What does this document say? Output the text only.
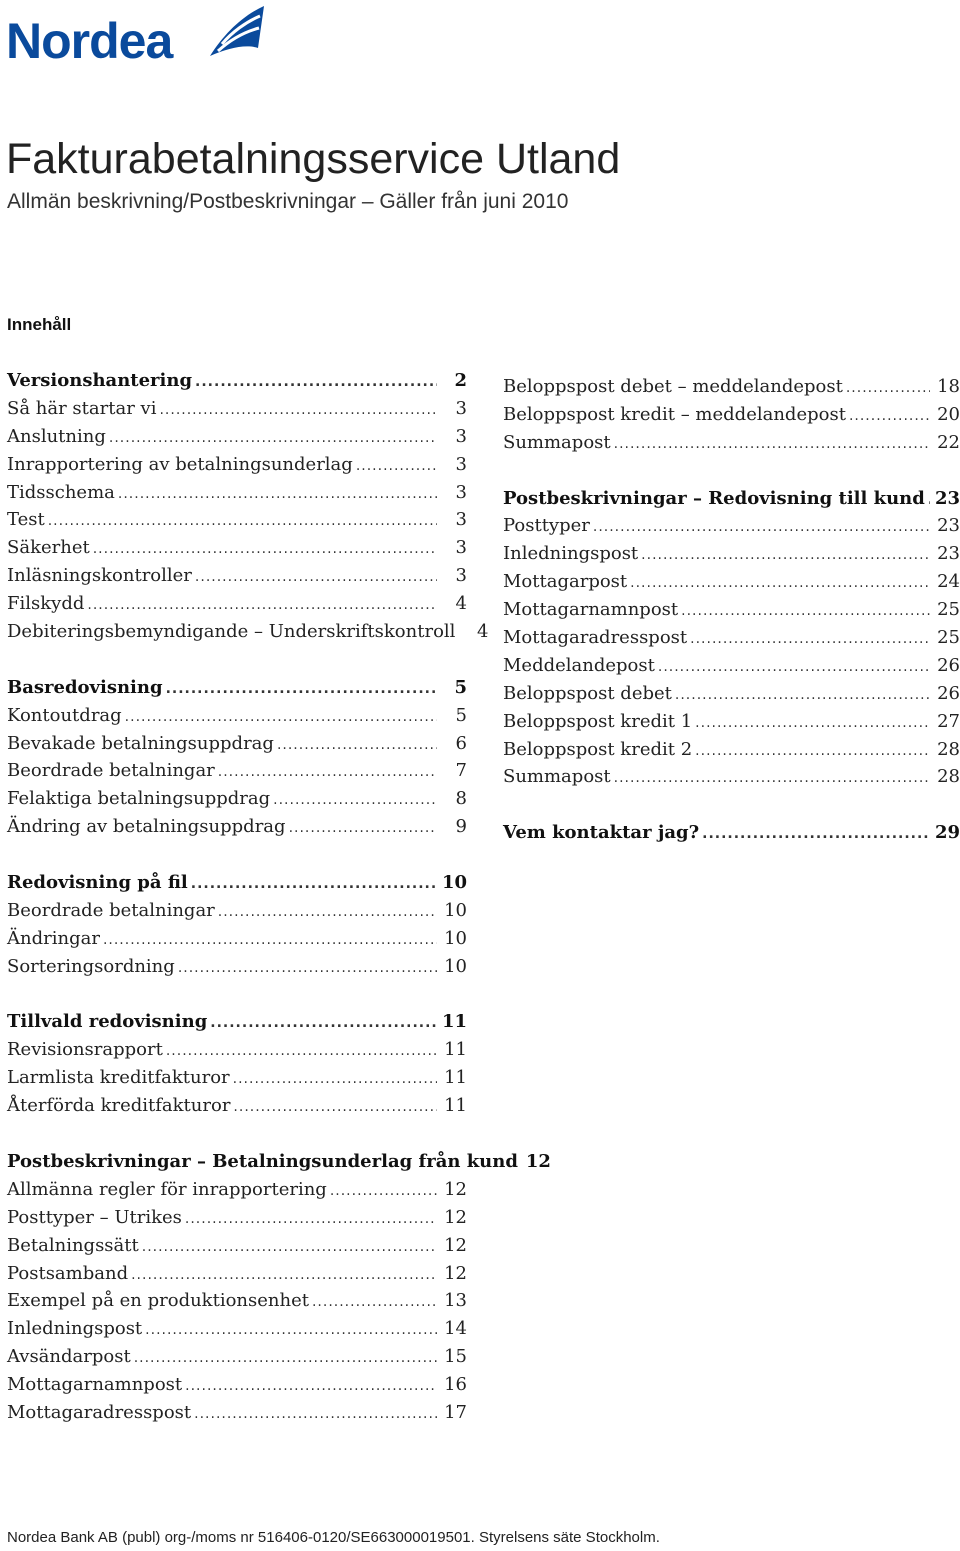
Nordea
Fakturabetalningsservice Utland
Allmän beskrivning/Postbeskrivningar – Gäller från juni 2010
Innehåll
Versionshantering .....	2
Så här startar vi .....	3
Anslutning .....	3
Inrapportering av betalningsunderlag .....	3
Tidsschema .....	3
Test .....	3
Säkerhet .....	3
Inläsningskontroller .....	3
Filskydd .....	4
Debiteringsbemyndigande – Underskriftskontroll	4
Basredovisning .....	5
Kontoutdrag .....	5
Bevakade betalningsuppdrag .....	6
Beordrade betalningar .....	7
Felaktiga betalningsuppdrag .....	8
Ändring av betalningsuppdrag .....	9
Redovisning på fil .....	10
Beordrade betalningar .....	10
Ändringar .....	10
Sorteringsordning .....	10
Tillvald redovisning .....	11
Revisionsrapport .....	11
Larmlista kreditfakturor .....	11
Återförda kreditfakturor .....	11
Postbeskrivningar – Betalningsunderlag från kund 12
Allmänna regler för inrapportering .....	12
Posttyper – Utrikes .....	12
Betalningssätt .....	12
Postsamband .....	12
Exempel på en produktionsenhet .....	13
Inledningspost .....	14
Avsändarpost .....	15
Mottagarnamnpost .....	16
Mottagaradresspost .....	17
Beloppspost debet – meddelandepost .....	18
Beloppspost kredit – meddelandepost .....	20
Summapost .....	22
Postbeskrivningar – Redovisning till kund ..... 23
Posttyper .....	23
Inledningspost .....	23
Mottagarpost .....	24
Mottagarnamnpost .....	25
Mottagaradresspost .....	25
Meddelandepost .....	26
Beloppspost debet .....	26
Beloppspost kredit 1 .....	27
Beloppspost kredit 2 .....	28
Summapost .....	28
Vem kontaktar jag? .....	29
Nordea Bank AB (publ) org-/moms nr 516406-0120/SE663000019501. Styrelsens säte Stockholm.
